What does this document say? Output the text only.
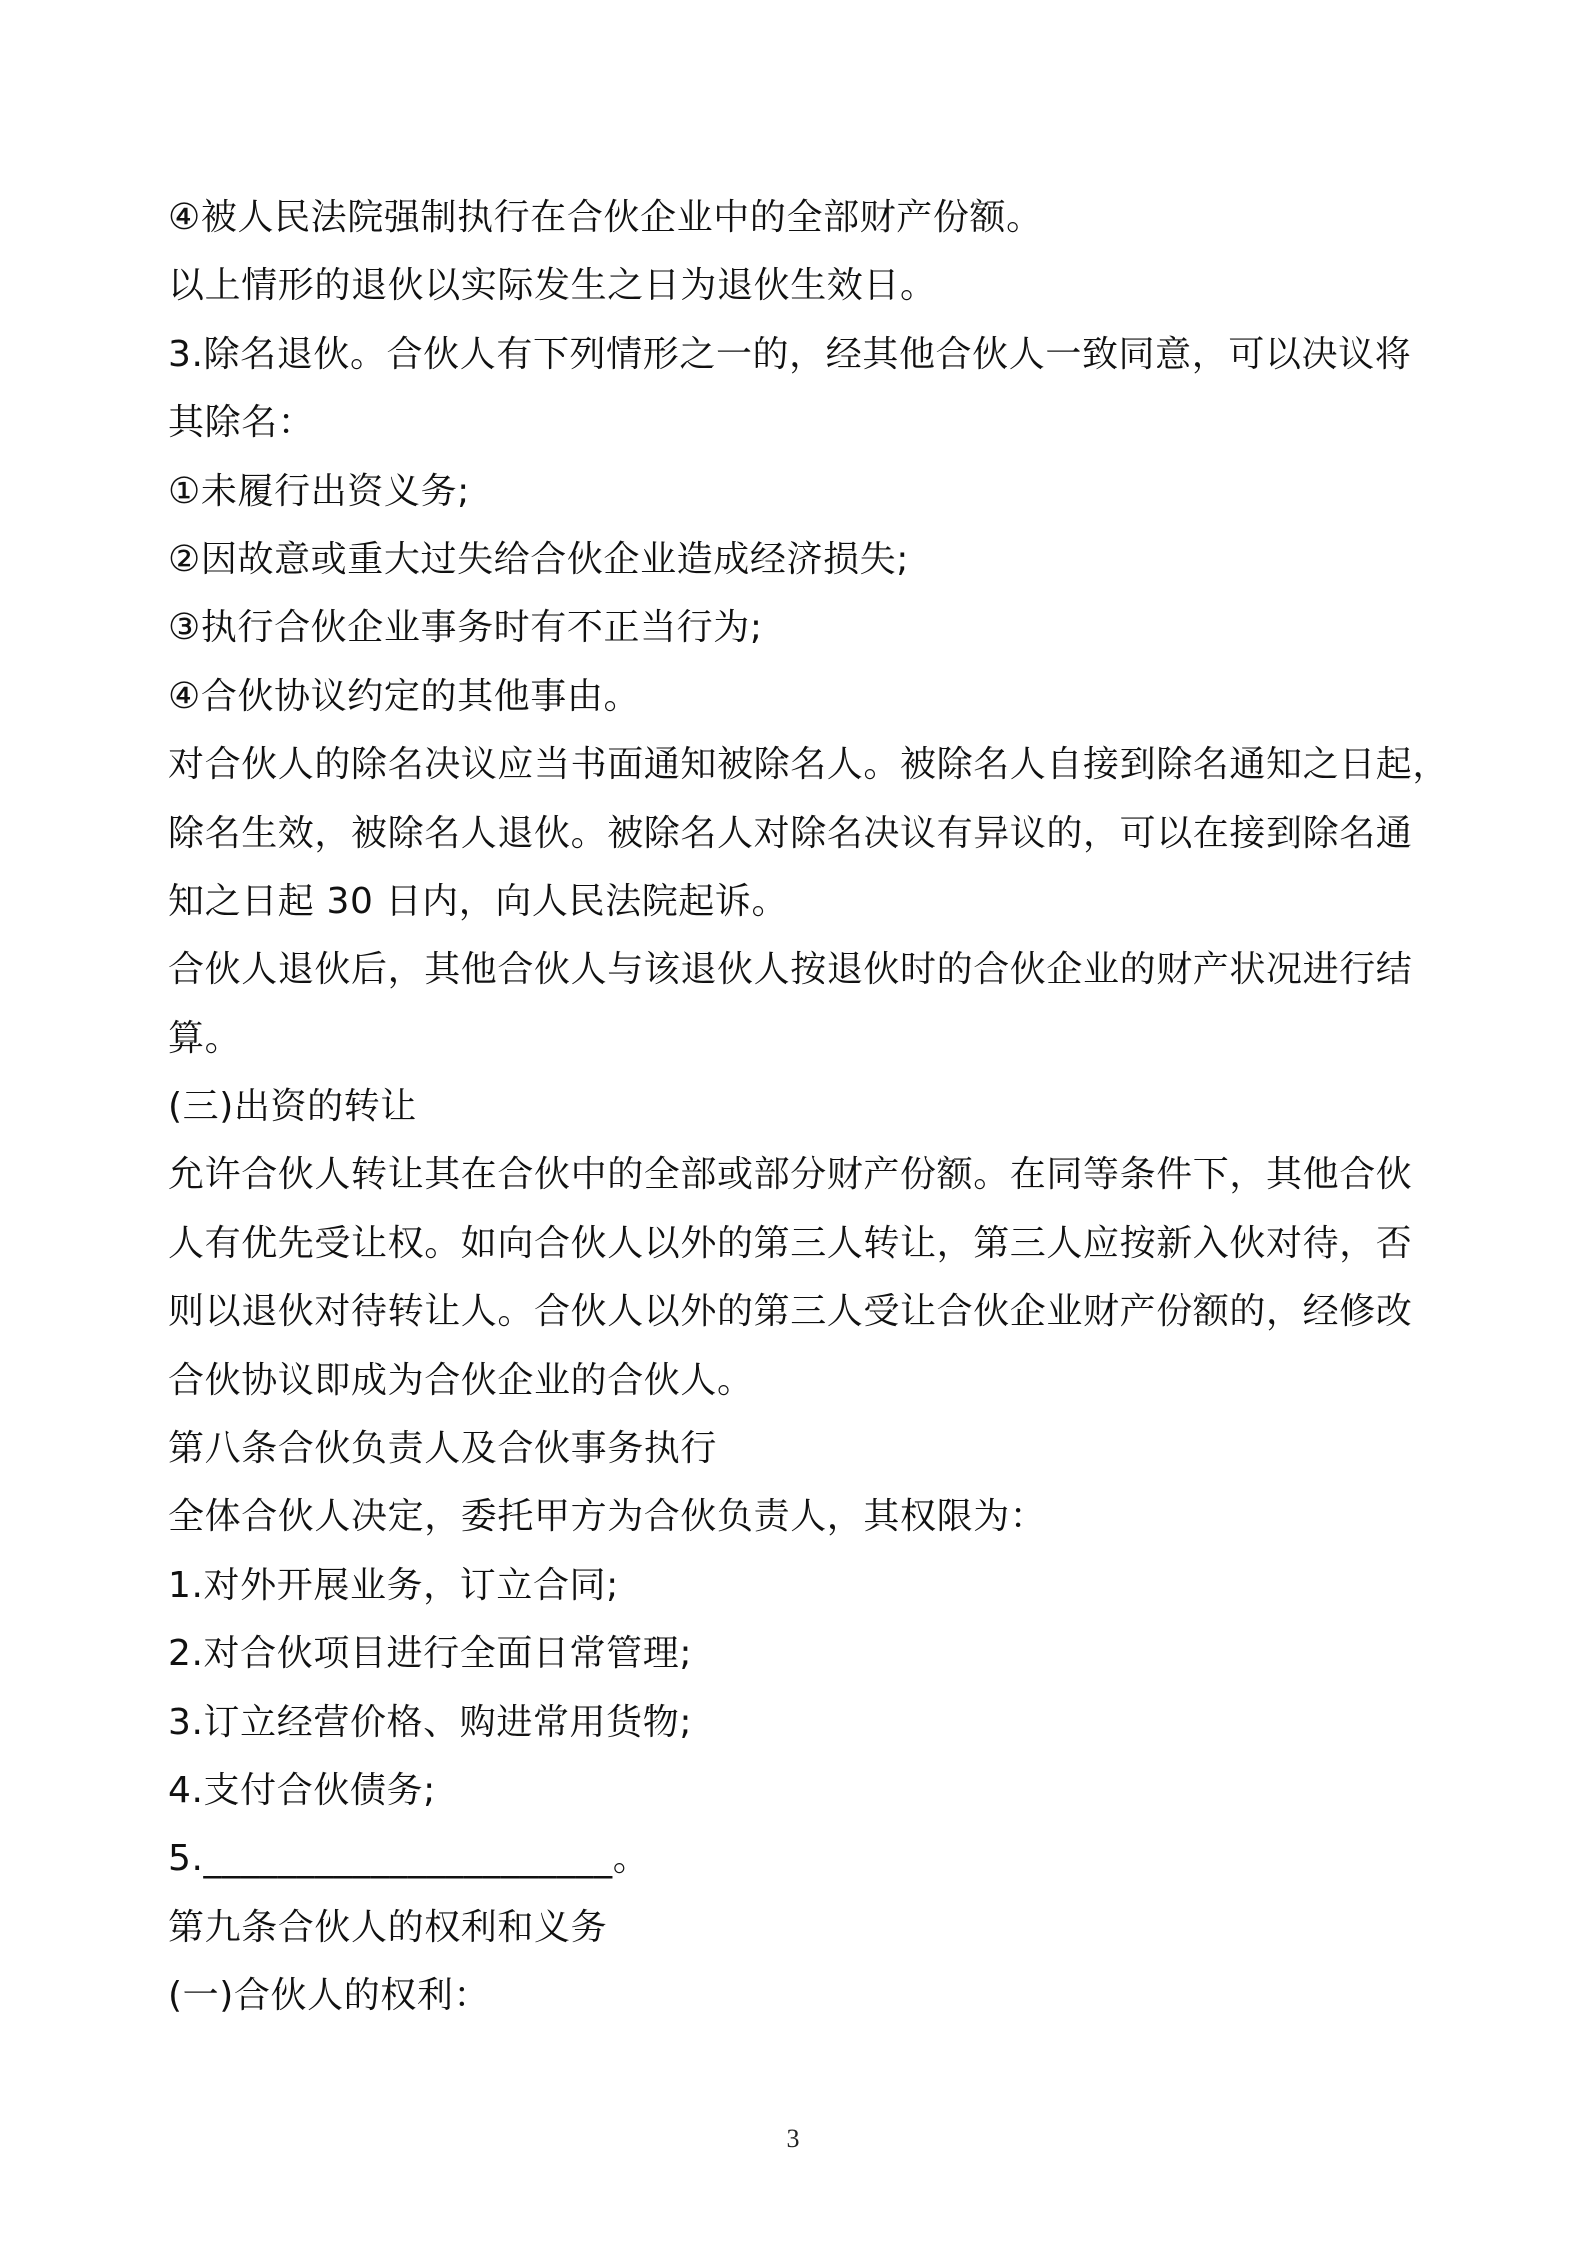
④被人民法院强制执行在合伙企业中的全部财产份额。
以上情形的退伙以实际发生之日为退伙生效日。
3.除名退伙。合伙人有下列情形之一的，经其他合伙人一致同意，可以决议将
其除名：
①未履行出资义务;
②因故意或重大过失给合伙企业造成经济损失;
③执行合伙企业事务时有不正当行为;
④合伙协议约定的其他事由。
对合伙人的除名决议应当书面通知被除名人。被除名人自接到除名通知之日起，
除名生效，被除名人退伙。被除名人对除名决议有异议的，可以在接到除名通
知之日起 30 日内，向人民法院起诉。
合伙人退伙后，其他合伙人与该退伙人按退伙时的合伙企业的财产状况进行结
算。
(三)出资的转让
允许合伙人转让其在合伙中的全部或部分财产份额。在同等条件下，其他合伙
人有优先受让权。如向合伙人以外的第三人转让，第三人应按新入伙对待，否
则以退伙对待转让人。合伙人以外的第三人受让合伙企业财产份额的，经修改
合伙协议即成为合伙企业的合伙人。
第八条合伙负责人及合伙事务执行
全体合伙人决定，委托甲方为合伙负责人，其权限为：
1.对外开展业务，订立合同;
2.对合伙项目进行全面日常管理;
3.订立经营价格、购进常用货物;
4.支付合伙债务;
5.______________________。
第九条合伙人的权利和义务
(一)合伙人的权利：
3
